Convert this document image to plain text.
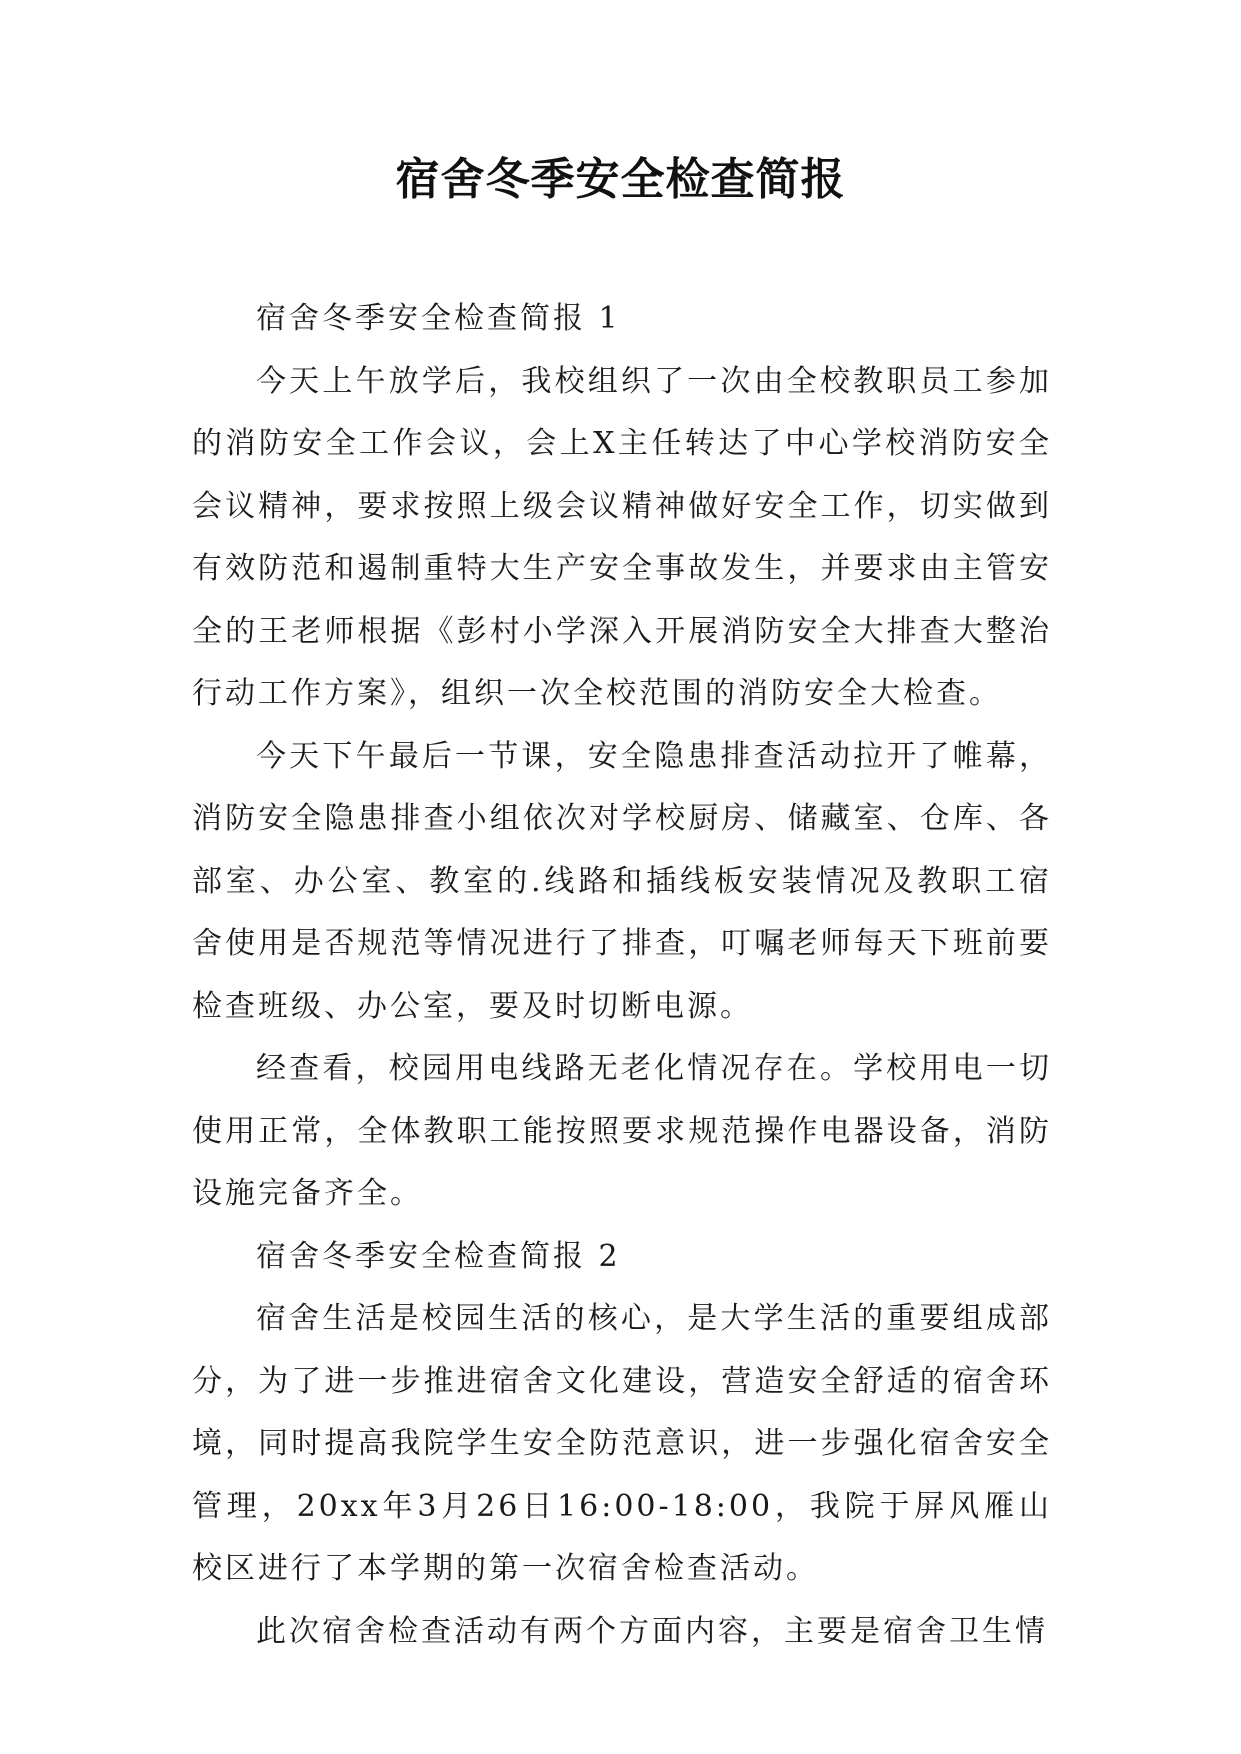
宿舍冬季安全检查简报

宿舍冬季安全检查简报 1

今天上午放学后，我校组织了一次由全校教职员工参加的消防安全工作会议，会上X主任转达了中心学校消防安全会议精神，要求按照上级会议精神做好安全工作，切实做到有效防范和遏制重特大生产安全事故发生，并要求由主管安全的王老师根据《彭村小学深入开展消防安全大排查大整治行动工作方案》，组织一次全校范围的消防安全大检查。

今天下午最后一节课，安全隐患排查活动拉开了帷幕，消防安全隐患排查小组依次对学校厨房、储藏室、仓库、各部室、办公室、教室的.线路和插线板安装情况及教职工宿舍使用是否规范等情况进行了排查，叮嘱老师每天下班前要检查班级、办公室，要及时切断电源。

经查看，校园用电线路无老化情况存在。学校用电一切使用正常，全体教职工能按照要求规范操作电器设备，消防设施完备齐全。

宿舍冬季安全检查简报 2

宿舍生活是校园生活的核心，是大学生活的重要组成部分，为了进一步推进宿舍文化建设，营造安全舒适的宿舍环境，同时提高我院学生安全防范意识，进一步强化宿舍安全管理，20xx年3月26日16:00-18:00，我院于屏风雁山校区进行了本学期的第一次宿舍检查活动。

此次宿舍检查活动有两个方面内容，主要是宿舍卫生情
